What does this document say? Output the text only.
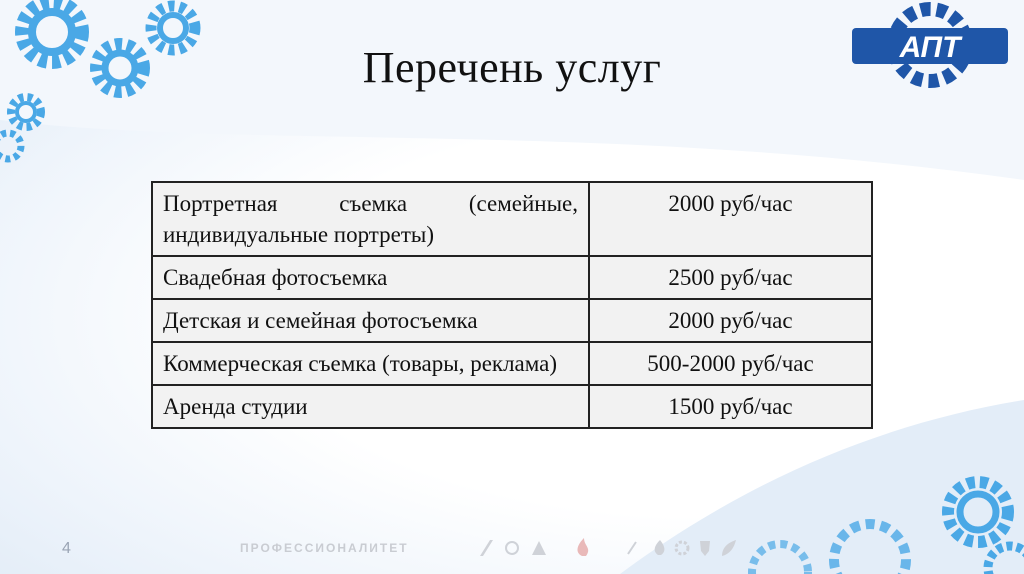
АПТ
Перечень услуг
Портретная съемка (семейные, индивидуальные портреты)	2000 руб/час
Свадебная фотосъемка	2500 руб/час
Детская и семейная фотосъемка	2000 руб/час
Коммерческая съемка (товары, реклама)	500-2000 руб/час
Аренда студии	1500 руб/час
4	ПРОФЕССИОНАЛИТЕТ
